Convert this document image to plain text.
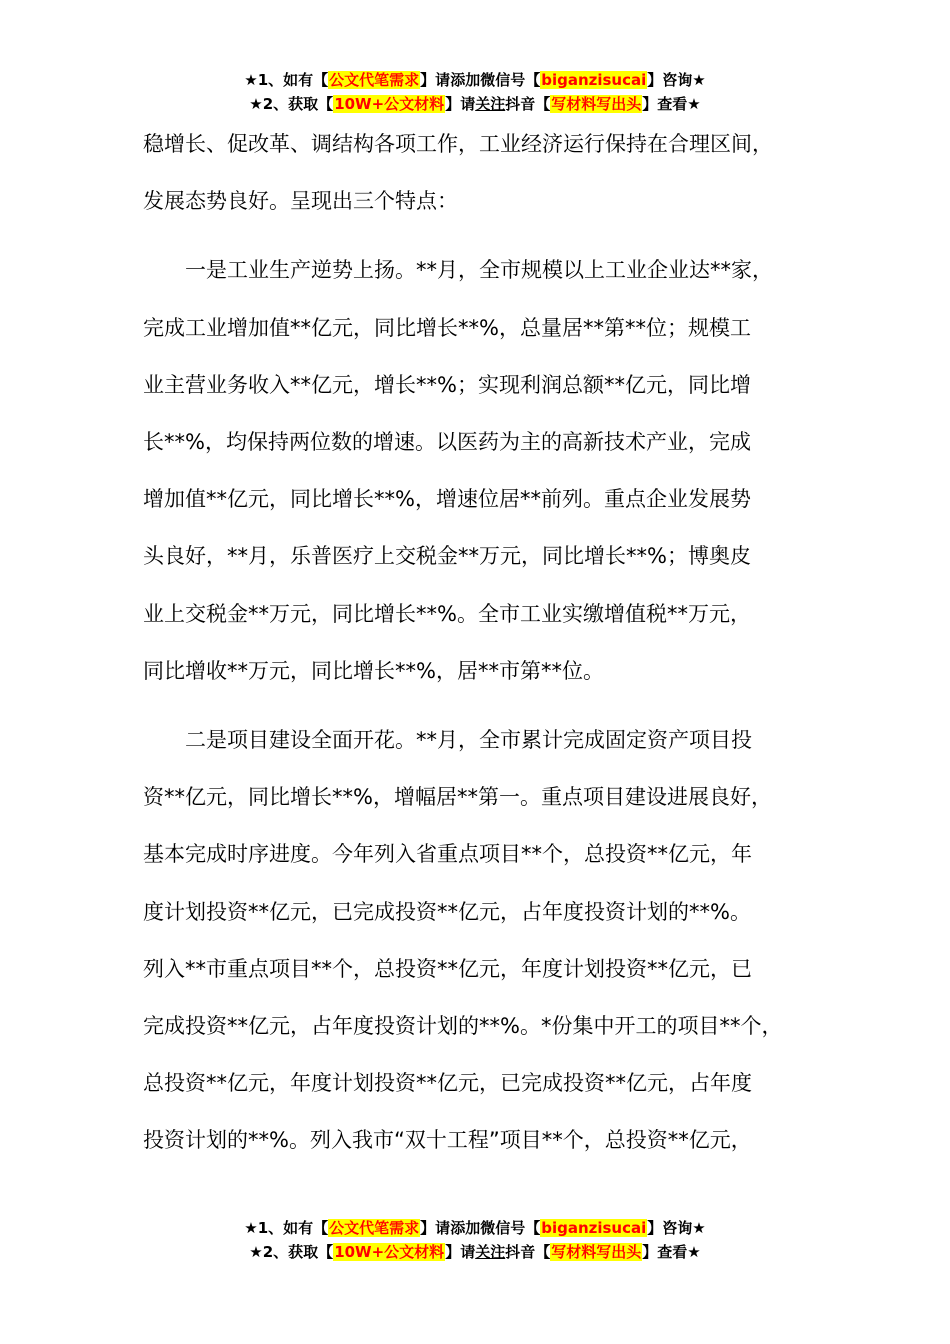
★1、如有【公文代笔需求】请添加微信号【biganzisucai】咨询★
★2、获取【10W+公文材料】请关注抖音【写材料写出头】查看★

稳增长、促改革、调结构各项工作，工业经济运行保持在合理区间，

发展态势良好。呈现出三个特点：

　　一是工业生产逆势上扬。**月，全市规模以上工业企业达**家，

完成工业增加值**亿元，同比增长**%，总量居**第**位；规模工

业主营业务收入**亿元，增长**%；实现利润总额**亿元，同比增

长**%，均保持两位数的增速。以医药为主的高新技术产业，完成

增加值**亿元，同比增长**%，增速位居**前列。重点企业发展势

头良好，**月，乐普医疗上交税金**万元，同比增长**%；博奥皮

业上交税金**万元，同比增长**%。全市工业实缴增值税**万元，

同比增收**万元，同比增长**%，居**市第**位。

　　二是项目建设全面开花。**月，全市累计完成固定资产项目投

资**亿元，同比增长**%，增幅居**第一。重点项目建设进展良好，

基本完成时序进度。今年列入省重点项目**个，总投资**亿元，年

度计划投资**亿元，已完成投资**亿元，占年度投资计划的**%。

列入**市重点项目**个，总投资**亿元，年度计划投资**亿元，已

完成投资**亿元，占年度投资计划的**%。*份集中开工的项目**个，

总投资**亿元，年度计划投资**亿元，已完成投资**亿元，占年度

投资计划的**%。列入我市“双十工程”项目**个，总投资**亿元，

★1、如有【公文代笔需求】请添加微信号【biganzisucai】咨询★
★2、获取【10W+公文材料】请关注抖音【写材料写出头】查看★
